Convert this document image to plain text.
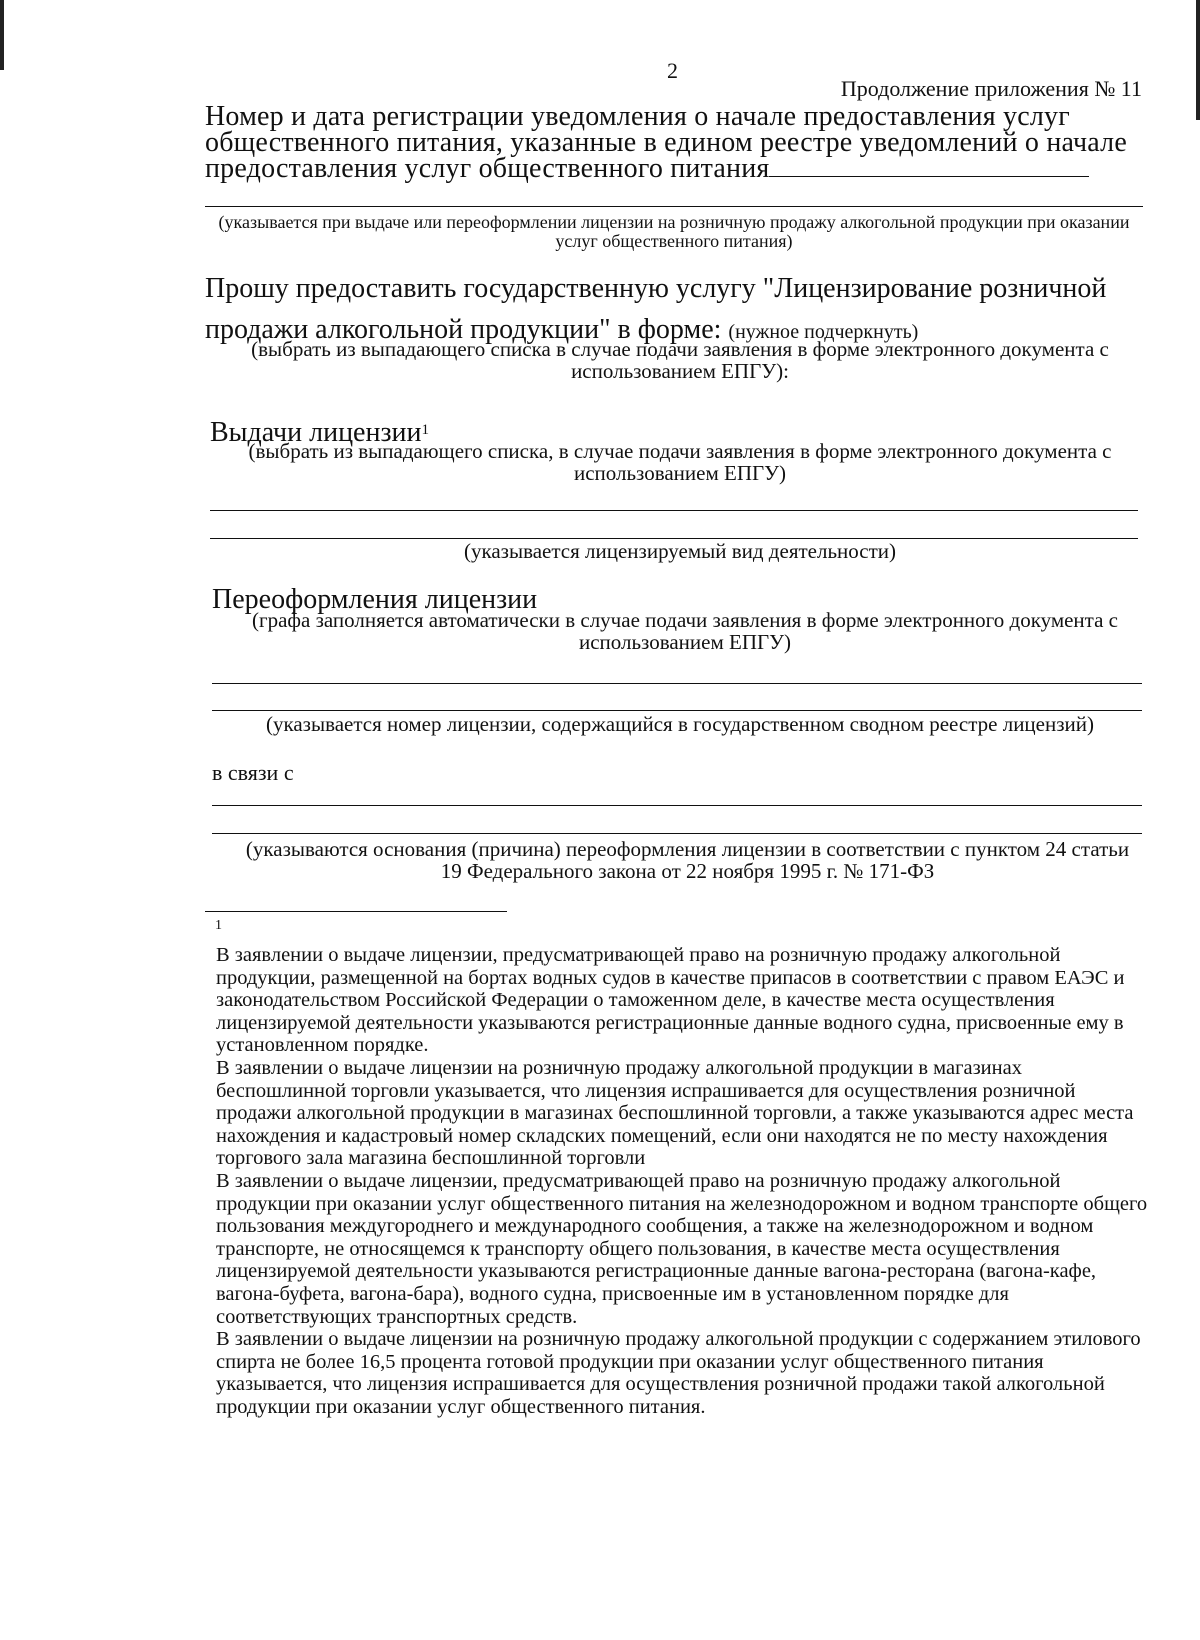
2
Продолжение приложения № 11

Номер и дата регистрации уведомления о начале предоставления услуг

общественного питания, указанные в едином реестре уведомлений о начале

предоставления услуг общественного питания

(указывается при выдаче или переоформлении лицензии на розничную продажу алкогольной продукции при оказании услуг общественного питания)
Прошу предоставить государственную услугу "Лицензирование розничной
продажи алкогольной продукции" в форме: (нужное подчеркнуть)
(выбрать из выпадающего списка в случае подачи заявления в форме электронного документа с использованием ЕПГУ):
Выдачи лицензии$^1$
(выбрать из выпадающего списка, в случае подачи заявления в форме электронного документа с использованием ЕПГУ)
(указывается лицензируемый вид деятельности)
Переоформления лицензии
(графа заполняется автоматически в случае подачи заявления в форме электронного документа с использованием ЕПГУ)
(указывается номер лицензии, содержащийся в государственном сводном реестре лицензий)
в связи с
(указываются основания (причина) переоформления лицензии в соответствии с пунктом 24 статьи 19 Федерального закона от 22 ноября 1995 г. № 171-ФЗ
1

В заявлении о выдаче лицензии, предусматривающей право на розничную продажу алкогольной продукции, размещенной на бортах водных судов в качестве припасов в соответствии с правом ЕАЭС и законодательством Российской Федерации о таможенном деле, в качестве места осуществления лицензируемой деятельности указываются регистрационные данные водного судна, присвоенные ему в установленном порядке.

В заявлении о выдаче лицензии на розничную продажу алкогольной продукции в магазинах беспошлинной торговли указывается, что лицензия испрашивается для осуществления розничной продажи алкогольной продукции в магазинах беспошлинной торговли, а также указываются адрес места нахождения и кадастровый номер складских помещений, если они находятся не по месту нахождения торгового зала магазина беспошлинной торговли

В заявлении о выдаче лицензии, предусматривающей право на розничную продажу алкогольной продукции при оказании услуг общественного питания на железнодорожном и водном транспорте общего пользования междугороднего и международного сообщения, а также на железнодорожном и водном транспорте, не относящемся к транспорту общего пользования, в качестве места осуществления лицензируемой деятельности указываются регистрационные данные вагона-ресторана (вагона-кафе, вагона-буфета, вагона-бара), водного судна, присвоенные им в установленном порядке для соответствующих транспортных средств.

В заявлении о выдаче лицензии на розничную продажу алкогольной продукции с содержанием этилового спирта не более 16,5 процента готовой продукции при оказании услуг общественного питания указывается, что лицензия испрашивается для осуществления розничной продажи такой алкогольной продукции при оказании услуг общественного питания.
